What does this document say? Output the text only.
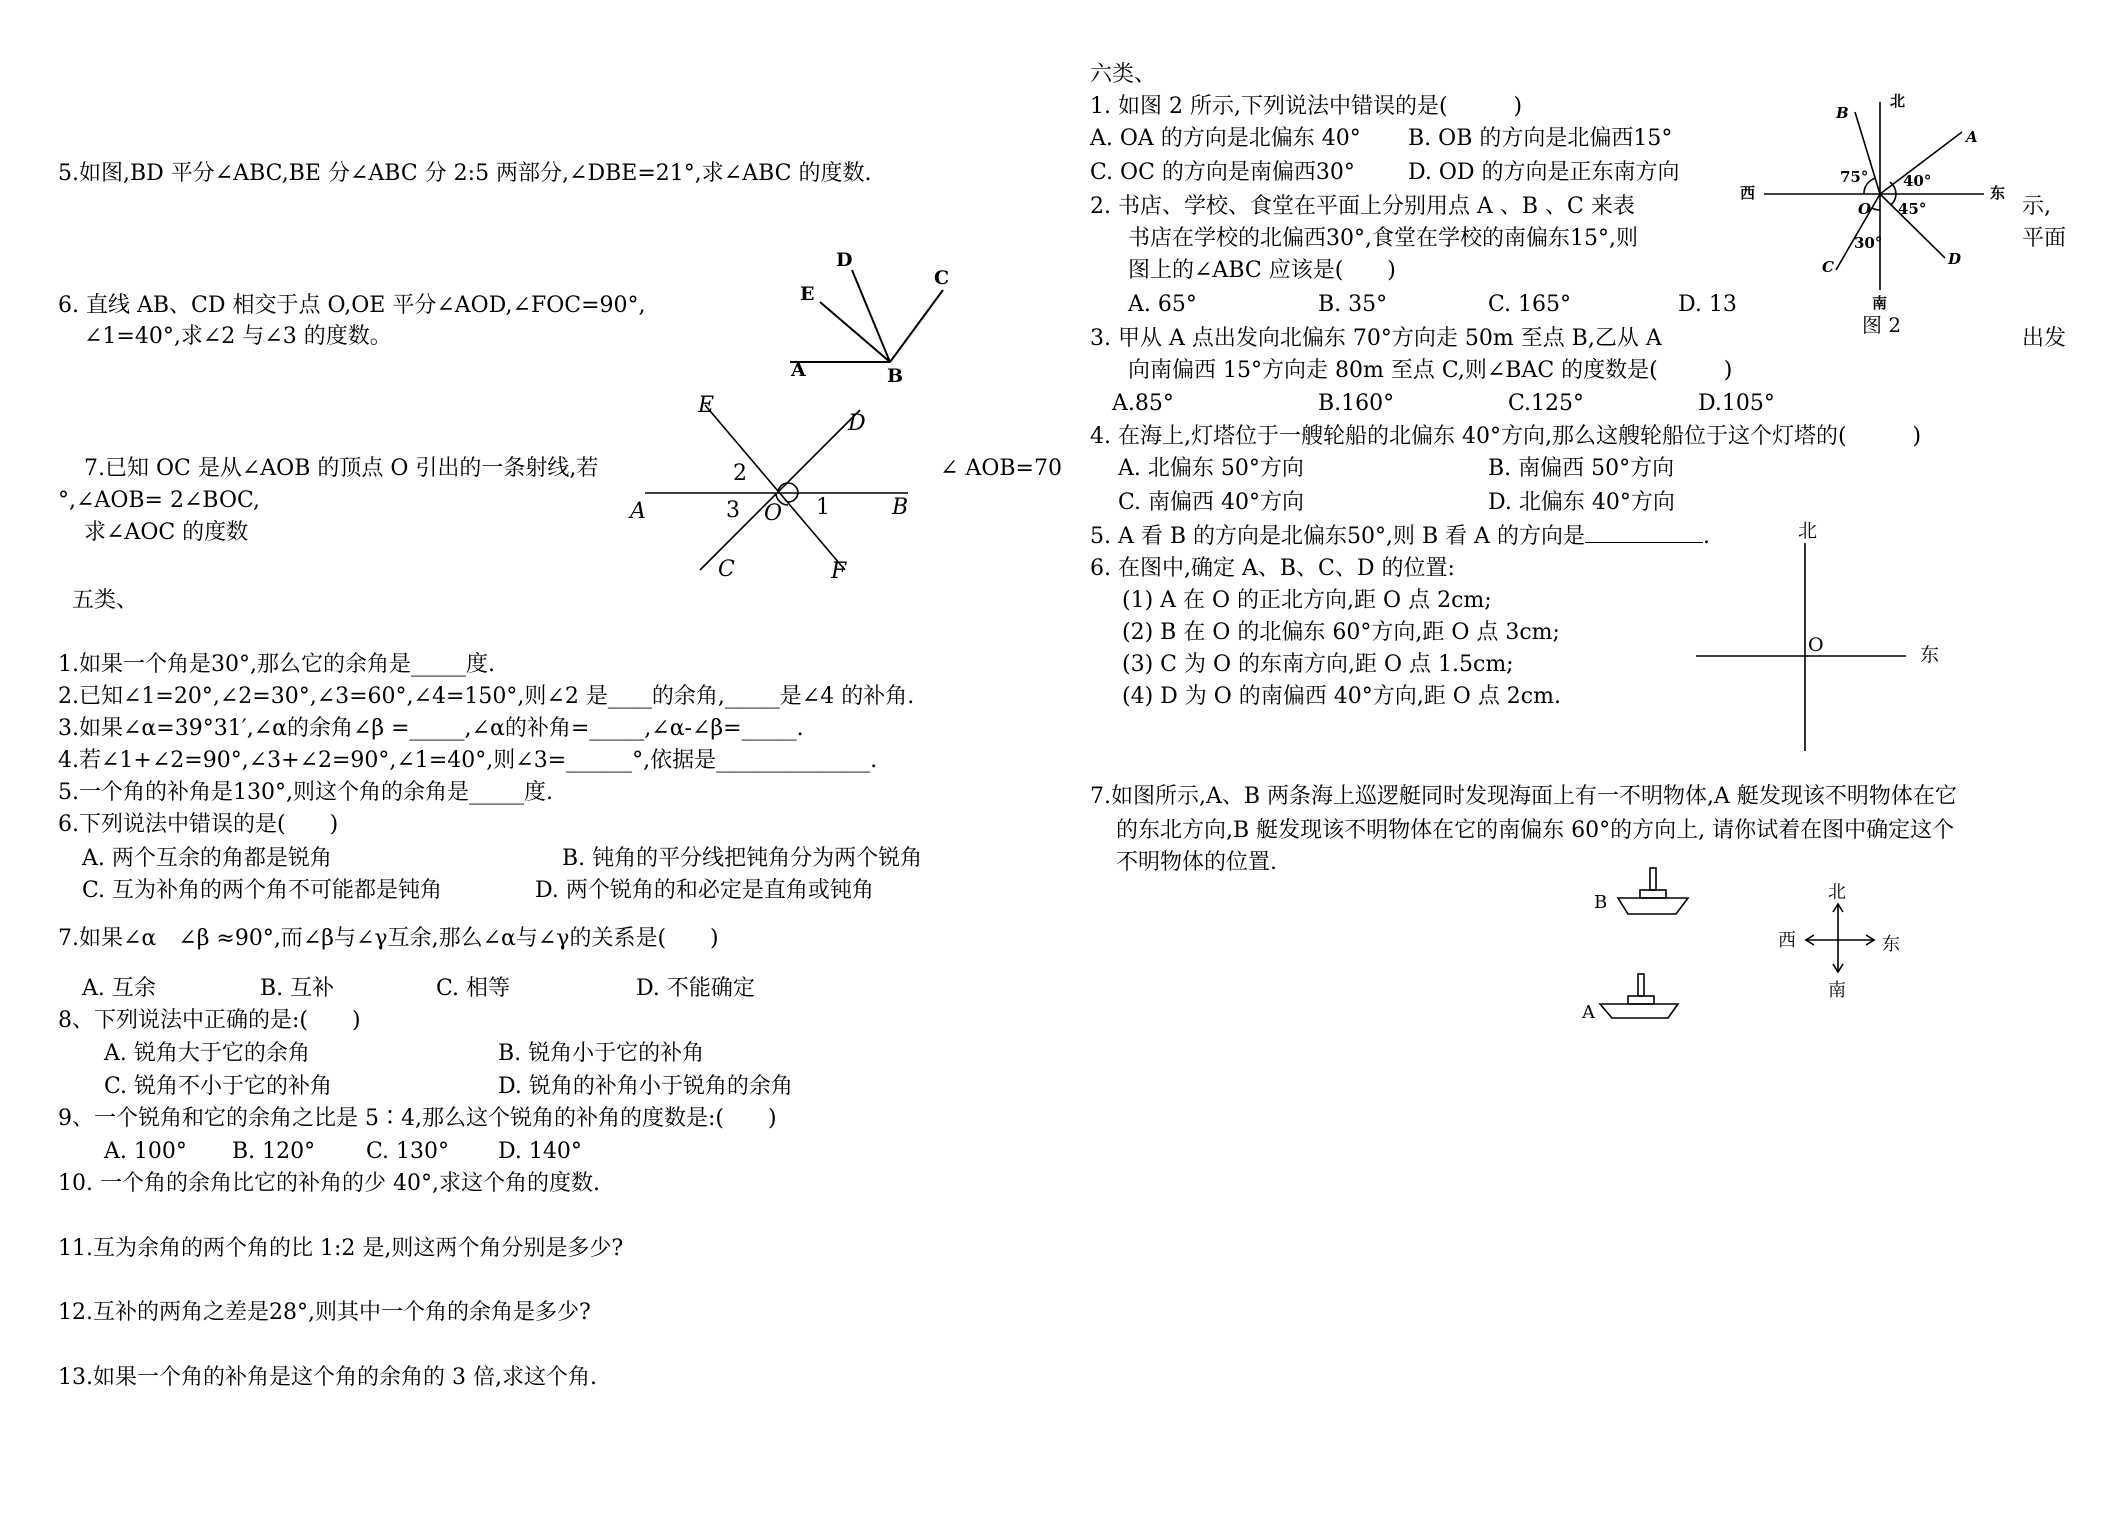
5.如图,BD 平分∠ABC,BE 分∠ABC 分 2:5 两部分,∠DBE=21°,求∠ABC 的度数.
6. 直线 AB、CD 相交于点 O,OE 平分∠AOD,∠FOC=90°,
∠1=40°,求∠2 与∠3 的度数。
D
E
C
A	B
7.已知 OC 是从∠AOB 的顶点 O 引出的一条射线,若	∠ AOB=70
°,∠AOB= 2∠BOC,
求∠AOC 的度数
E
D
2
A	3 O 1	B
C	F
五类、
1.如果一个角是30°,那么它的余角是_____度.
2.已知∠1=20°,∠2=30°,∠3=60°,∠4=150°,则∠2 是____的余角,_____是∠4 的补角.
3.如果∠α=39°31′,∠α的余角∠β =_____,∠α的补角=_____,∠α-∠β=_____.
4.若∠1+∠2=90°,∠3+∠2=90°,∠1=40°,则∠3=______°,依据是______________.
5.一个角的补角是130°,则这个角的余角是_____度.
6.下列说法中错误的是(　　)
A. 两个互余的角都是锐角	B. 钝角的平分线把钝角分为两个锐角
C. 互为补角的两个角不可能都是钝角	D. 两个锐角的和必定是直角或钝角
7.如果∠α　∠β ≈90°,而∠β与∠γ互余,那么∠α与∠γ的关系是(　　)
A. 互余	B. 互补	C. 相等	D. 不能确定
8、下列说法中正确的是:(　　)
A. 锐角大于它的余角	B. 锐角小于它的补角
C. 锐角不小于它的补角	D. 锐角的补角小于锐角的余角
9、一个锐角和它的余角之比是 5∶4,那么这个锐角的补角的度数是:(　　)
A. 100° B. 120° C. 130° D. 140°
10. 一个角的余角比它的补角的少 40°,求这个角的度数.
11.互为余角的两个角的比 1:2 是,则这两个角分别是多少?
12.互补的两角之差是28°,则其中一个角的余角是多少?
13.如果一个角的补角是这个角的余角的 3 倍,求这个角.
六类、
1. 如图 2 所示,下列说法中错误的是(　　　)
A. OA 的方向是北偏东 40° B. OB 的方向是北偏西15°
C. OC 的方向是南偏西30° D. OD 的方向是正东南方向
2. 书店、学校、食堂在平面上分别用点 A 、B 、C 来表	示,
书店在学校的北偏西30°,食堂在学校的南偏东15°,则	平面
图上的∠ABC 应该是(　　)
A. 65°	B. 35°	C. 165°	D. 13
北
B
A
75° 40°
西	东
O 45°
30°
C	D
南
图 2
3. 甲从 A 点出发向北偏东 70°方向走 50m 至点 B,乙从 A	出发
向南偏西 15°方向走 80m 至点 C,则∠BAC 的度数是(　　　)
A.85°	B.160°	C.125°	D.105°
4. 在海上,灯塔位于一艘轮船的北偏东 40°方向,那么这艘轮船位于这个灯塔的(　　　)
A. 北偏东 50°方向	B. 南偏西 50°方向
C. 南偏西 40°方向	D. 北偏东 40°方向
5. A 看 B 的方向是北偏东50°,则 B 看 A 的方向是	.
6. 在图中,确定 A、B、C、D 的位置:
(1) A 在 O 的正北方向,距 O 点 2cm;
(2) B 在 O 的北偏东 60°方向,距 O 点 3cm;
(3) C 为 O 的东南方向,距 O 点 1.5cm;
(4) D 为 O 的南偏西 40°方向,距 O 点 2cm.
北
O	东
7.如图所示,A、B 两条海上巡逻艇同时发现海面上有一不明物体,A 艇发现该不明物体在它
的东北方向,B 艇发现该不明物体在它的南偏东 60°的方向上, 请你试着在图中确定这个
不明物体的位置.
B	北
西	东
南
A
